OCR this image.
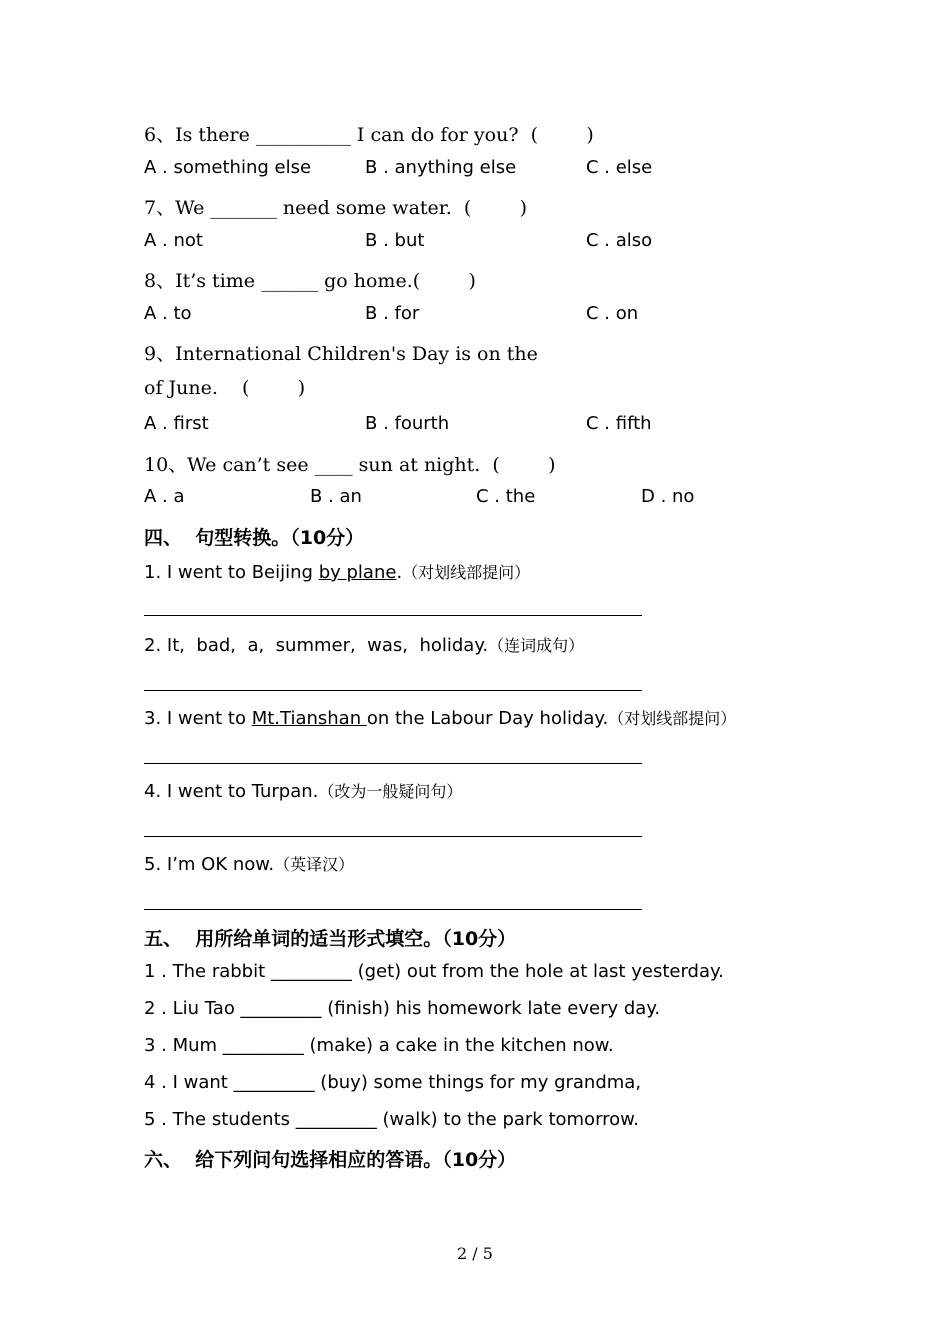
6、Is there __________ I can do for you?  (        )
A . something else	B . anything else	C . else
7、We _______ need some water.  (        )
A . not	B . but	C . also
8、It’s time ______ go home.(        )
A . to	B . for	C . on
9、International Children's Day is on the
of June.    (        )
A . first	B . fourth	C . fifth
10、We can’t see ____ sun at night.  (        )
A . a	B . an	C . the	D . no
四、  句型转换。（10分）
1. I went to Beijing by plane.（对划线部提问）
2. It,  bad,  a,  summer,  was,  holiday.（连词成句）
3. I went to Mt.Tianshan on the Labour Day holiday.（对划线部提问）
4. I went to Turpan.（改为一般疑问句）
5. I’m OK now.（英译汉）
五、  用所给单词的适当形式填空。（10分）
1 . The rabbit _________ (get) out from the hole at last yesterday.
2 . Liu Tao _________ (finish) his homework late every day.
3 . Mum _________ (make) a cake in the kitchen now.
4 . I want _________ (buy) some things for my grandma,
5 . The students _________ (walk) to the park tomorrow.
六、  给下列问句选择相应的答语。（10分）
2 / 5
